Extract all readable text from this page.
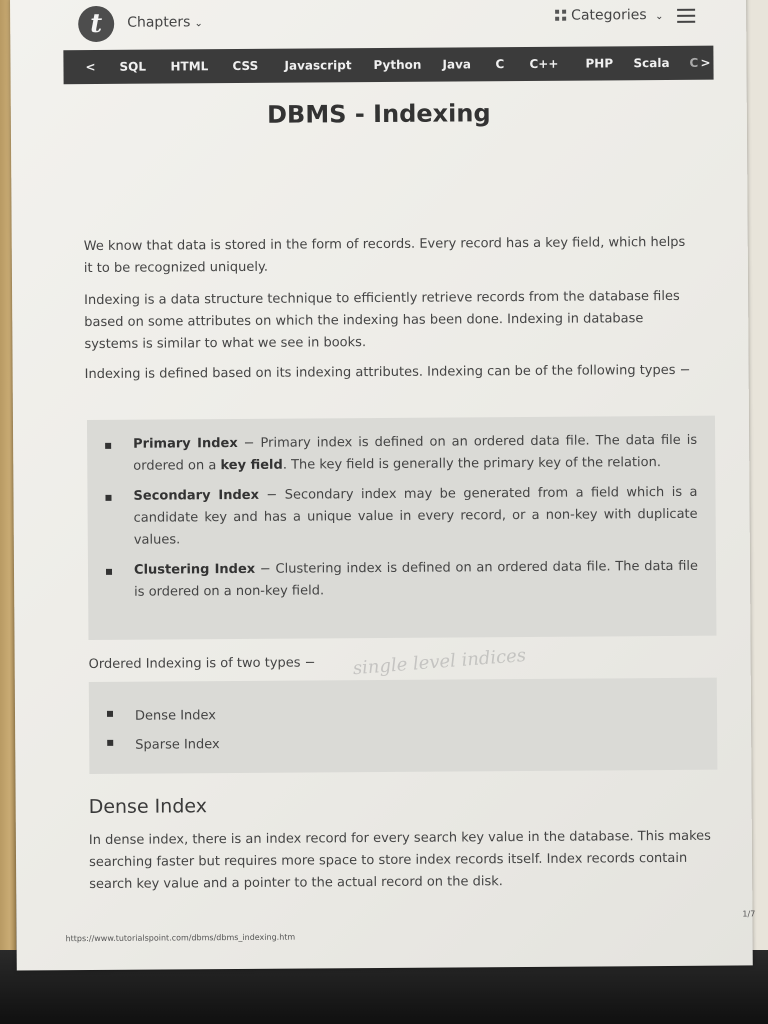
t	Chapters ⌄
Categories ⌄
< SQL HTML CSS Javascript Python Java C C++ PHP Scala C >
DBMS - Indexing
We know that data is stored in the form of records. Every record has a key field, which helps it to be recognized uniquely.
Indexing is a data structure technique to efficiently retrieve records from the database files based on some attributes on which the indexing has been done. Indexing in database systems is similar to what we see in books.
Indexing is defined based on its indexing attributes. Indexing can be of the following types −
Primary Index − Primary index is defined on an ordered data file. The data file is ordered on a key field. The key field is generally the primary key of the relation.
Secondary Index − Secondary index may be generated from a field which is a candidate key and has a unique value in every record, or a non-key with duplicate values.
Clustering Index − Clustering index is defined on an ordered data file. The data file is ordered on a non-key field.
Ordered Indexing is of two types −	single level indices
Dense Index
Sparse Index
Dense Index
In dense index, there is an index record for every search key value in the database. This makes searching faster but requires more space to store index records itself. Index records contain search key value and a pointer to the actual record on the disk.
1/7
https://www.tutorialspoint.com/dbms/dbms_indexing.htm
